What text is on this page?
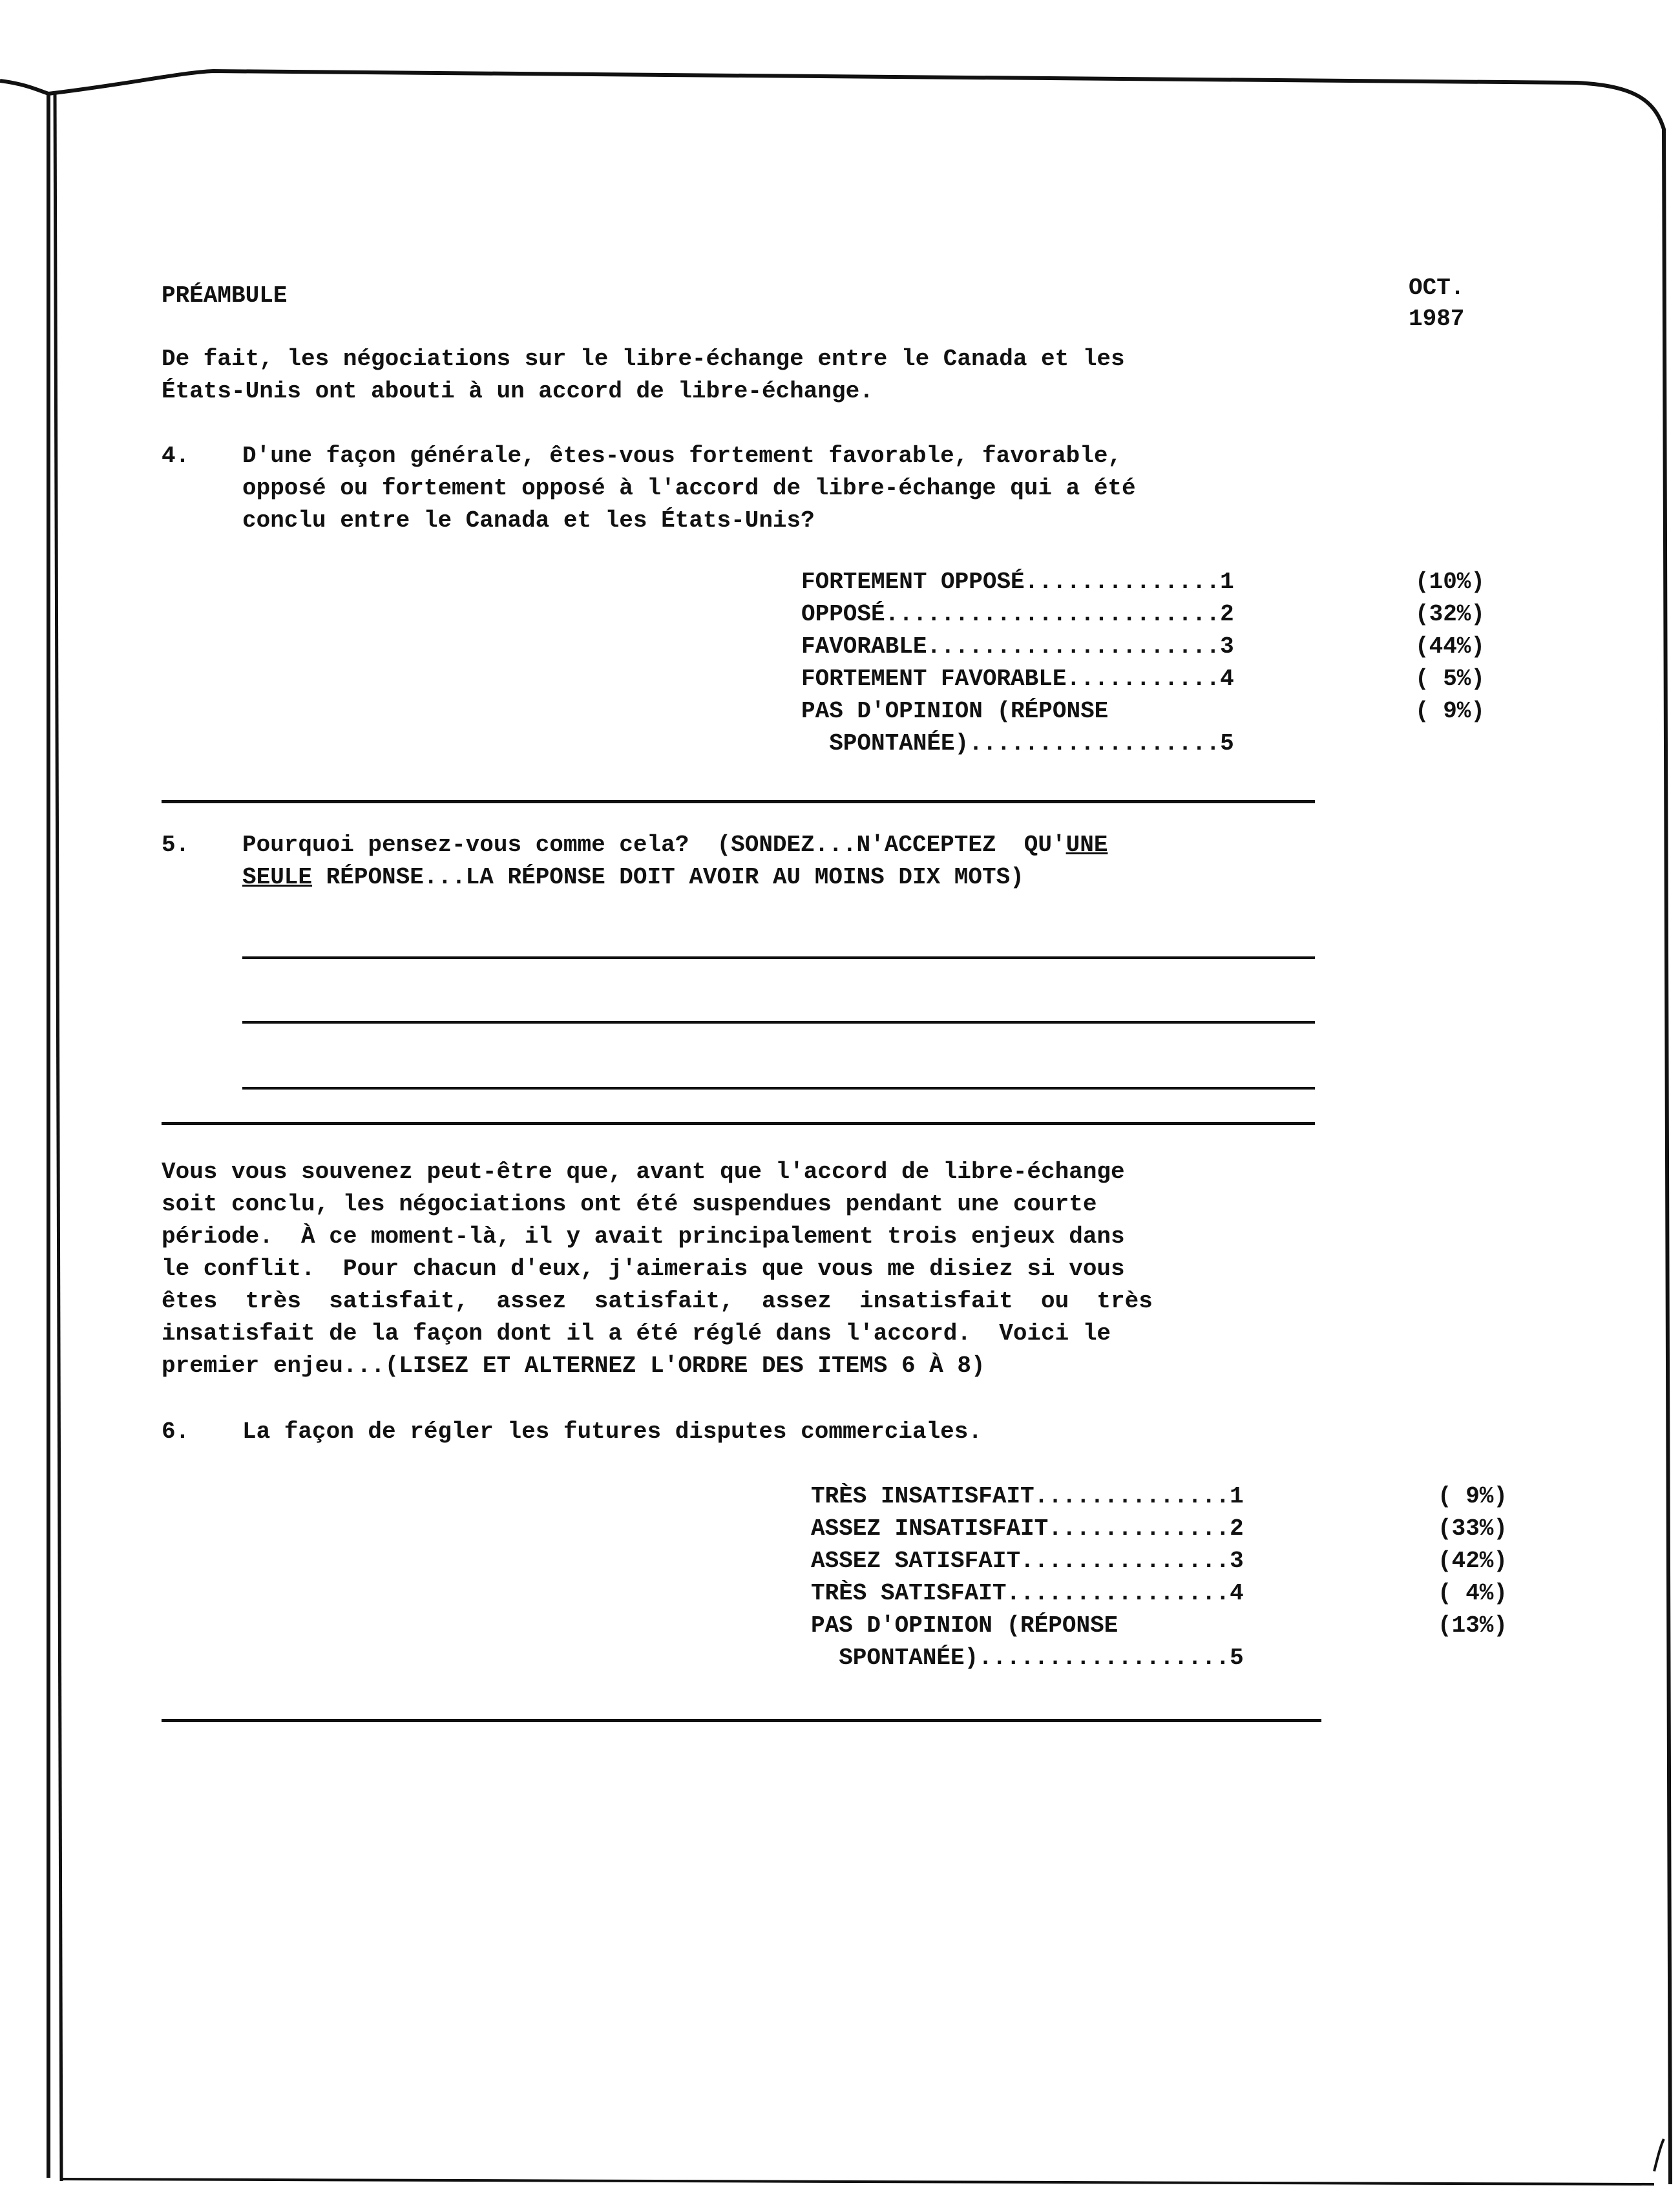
PRÉAMBULE	OCT.
1987
De fait, les négociations sur le libre-échange entre le Canada et les
États-Unis ont abouti à un accord de libre-échange.
4. D'une façon générale, êtes-vous fortement favorable, favorable,
opposé ou fortement opposé à l'accord de libre-échange qui a été
conclu entre le Canada et les États-Unis?
FORTEMENT OPPOSÉ..............1
OPPOSÉ........................2
FAVORABLE.....................3
FORTEMENT FAVORABLE...........4
PAS D'OPINION (RÉPONSE
SPONTANÉE)..................5
(10%)
(32%)
(44%)
( 5%)
( 9%)
5. Pourquoi pensez-vous comme cela?  (SONDEZ...N'ACCEPTEZ  QU'UNE
SEULE RÉPONSE...LA RÉPONSE DOIT AVOIR AU MOINS DIX MOTS)
Vous vous souvenez peut-être que, avant que l'accord de libre-échange
soit conclu, les négociations ont été suspendues pendant une courte
période.  À ce moment-là, il y avait principalement trois enjeux dans
le conflit.  Pour chacun d'eux, j'aimerais que vous me disiez si vous
êtes  très  satisfait,  assez  satisfait,  assez  insatisfait  ou  très
insatisfait de la façon dont il a été réglé dans l'accord.  Voici le
premier enjeu...(LISEZ ET ALTERNEZ L'ORDRE DES ITEMS 6 À 8)
6. La façon de régler les futures disputes commerciales.
TRÈS INSATISFAIT..............1
ASSEZ INSATISFAIT.............2
ASSEZ SATISFAIT...............3
TRÈS SATISFAIT................4
PAS D'OPINION (RÉPONSE
SPONTANÉE)..................5
( 9%)
(33%)
(42%)
( 4%)
(13%)
